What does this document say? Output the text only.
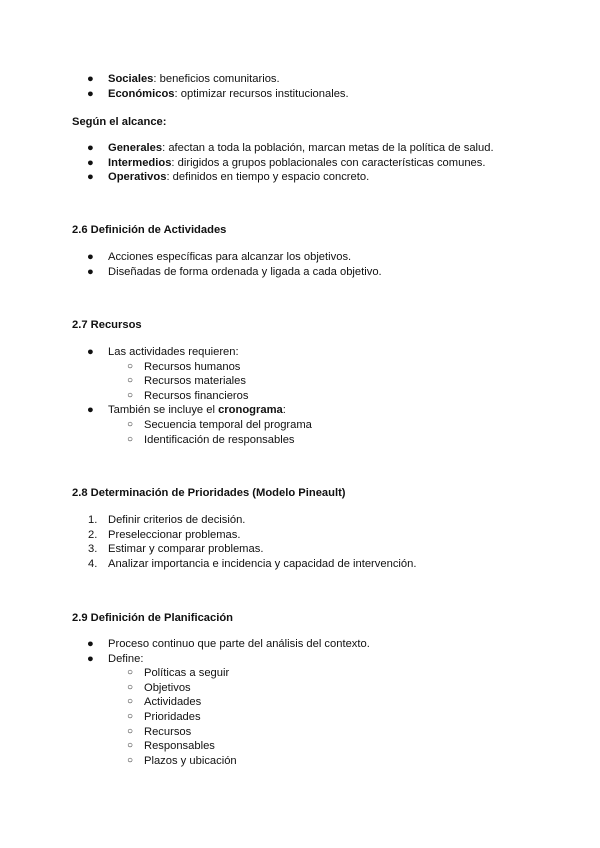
●	Sociales: beneficios comunitarios.
●	Económicos: optimizar recursos institucionales.
Según el alcance:
●	Generales: afectan a toda la población, marcan metas de la política de salud.
●	Intermedios: dirigidos a grupos poblacionales con características comunes.
●	Operativos: definidos en tiempo y espacio concreto.
2.6 Definición de Actividades
●	Acciones específicas para alcanzar los objetivos.
●	Diseñadas de forma ordenada y ligada a cada objetivo.
2.7 Recursos
●	Las actividades requieren:
○ Recursos humanos
○ Recursos materiales
○ Recursos financieros
●	También se incluye el cronograma:
○ Secuencia temporal del programa
○ Identificación de responsables
2.8 Determinación de Prioridades (Modelo Pineault)
1. Definir criterios de decisión.
2. Preseleccionar problemas.
3. Estimar y comparar problemas.
4. Analizar importancia e incidencia y capacidad de intervención.
2.9 Definición de Planificación
●	Proceso continuo que parte del análisis del contexto.
●	Define:
○ Políticas a seguir
○ Objetivos
○ Actividades
○ Prioridades
○ Recursos
○ Responsables
○ Plazos y ubicación
